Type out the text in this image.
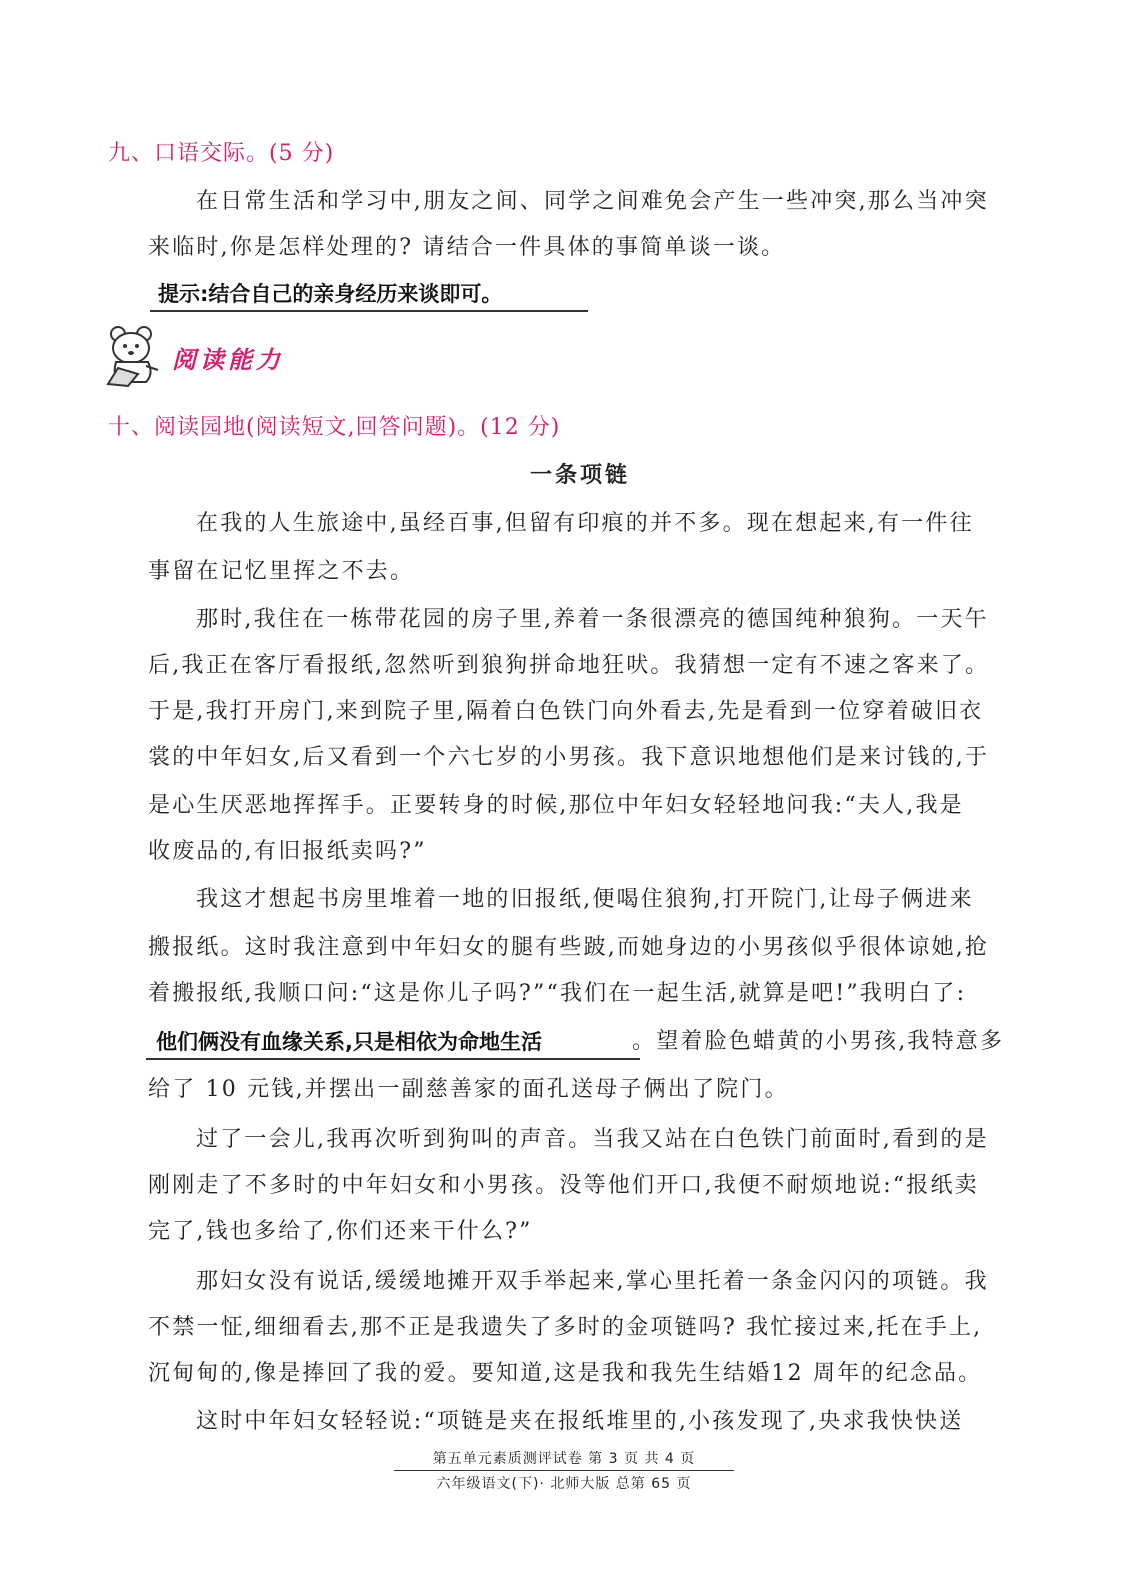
九、口语交际。(5 分)
在日常生活和学习中,朋友之间、同学之间难免会产生一些冲突,那么当冲突
来临时,你是怎样处理的? 请结合一件具体的事简单谈一谈。
提示:结合自己的亲身经历来谈即可。
阅读能力
十、阅读园地(阅读短文,回答问题)。(12 分)
一条项链
在我的人生旅途中,虽经百事,但留有印痕的并不多。现在想起来,有一件往
事留在记忆里挥之不去。
那时,我住在一栋带花园的房子里,养着一条很漂亮的德国纯种狼狗。一天午
后,我正在客厅看报纸,忽然听到狼狗拼命地狂吠。我猜想一定有不速之客来了。
于是,我打开房门,来到院子里,隔着白色铁门向外看去,先是看到一位穿着破旧衣
裳的中年妇女,后又看到一个六七岁的小男孩。我下意识地想他们是来讨钱的,于
是心生厌恶地挥挥手。正要转身的时候,那位中年妇女轻轻地问我:“夫人,我是
收废品的,有旧报纸卖吗?”
我这才想起书房里堆着一地的旧报纸,便喝住狼狗,打开院门,让母子俩进来
搬报纸。这时我注意到中年妇女的腿有些跛,而她身边的小男孩似乎很体谅她,抢
着搬报纸,我顺口问:“这是你儿子吗?”“我们在一起生活,就算是吧!”我明白了:
他们俩没有血缘关系,只是相依为命地生活	。望着脸色蜡黄的小男孩,我特意多
给了 10 元钱,并摆出一副慈善家的面孔送母子俩出了院门。
过了一会儿,我再次听到狗叫的声音。当我又站在白色铁门前面时,看到的是
刚刚走了不多时的中年妇女和小男孩。没等他们开口,我便不耐烦地说:“报纸卖
完了,钱也多给了,你们还来干什么?”
那妇女没有说话,缓缓地摊开双手举起来,掌心里托着一条金闪闪的项链。我
不禁一怔,细细看去,那不正是我遗失了多时的金项链吗? 我忙接过来,托在手上,
沉甸甸的,像是捧回了我的爱。要知道,这是我和我先生结婚12 周年的纪念品。
这时中年妇女轻轻说:“项链是夹在报纸堆里的,小孩发现了,央求我快快送
第五单元素质测评试卷 第 3 页 共 4 页
六年级语文(下)· 北师大版 总第 65 页
